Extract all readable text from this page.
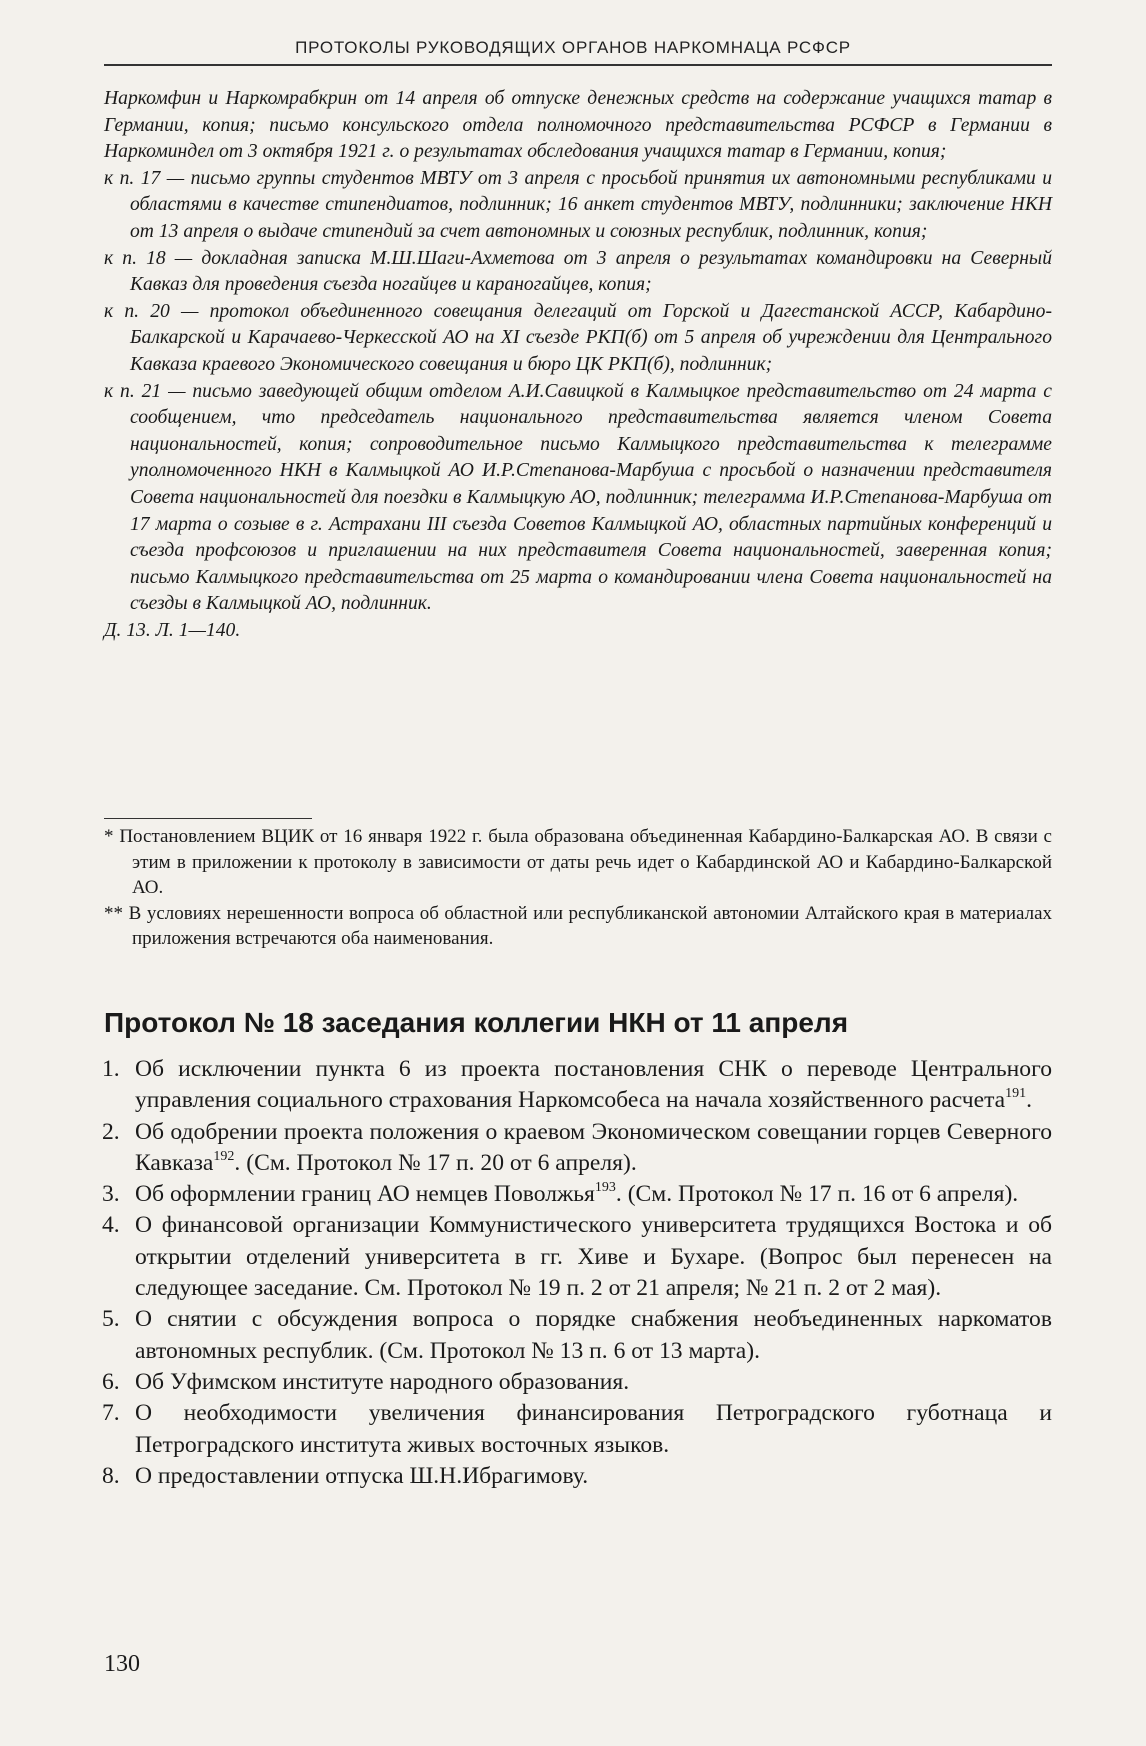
ПРОТОКОЛЫ РУКОВОДЯЩИХ ОРГАНОВ НАРКОМНАЦА РСФСР

Наркомфин и Наркомрабкрин от 14 апреля об отпуске денежных средств на содержание учащихся татар в Германии, копия; письмо консульского отдела полномочного представительства РСФСР в Германии в Наркоминдел от 3 октября 1921 г. о результатах обследования учащихся татар в Германии, копия;

к п. 17 — письмо группы студентов МВТУ от 3 апреля с просьбой принятия их автономными республиками и областями в качестве стипендиатов, подлинник; 16 анкет студентов МВТУ, подлинники; заключение НКН от 13 апреля о выдаче стипендий за счет автономных и союзных республик, подлинник, копия;

к п. 18 — докладная записка М.Ш.Шаги-Ахметова от 3 апреля о результатах командировки на Северный Кавказ для проведения съезда ногайцев и караногайцев, копия;

к п. 20 — протокол объединенного совещания делегаций от Горской и Дагестанской АССР, Кабардино-Балкарской и Карачаево-Черкесской АО на XI съезде РКП(б) от 5 апреля об учреждении для Центрального Кавказа краевого Экономического совещания и бюро ЦК РКП(б), подлинник;

к п. 21 — письмо заведующей общим отделом А.И.Савицкой в Калмыцкое представительство от 24 марта с сообщением, что председатель национального представительства является членом Совета национальностей, копия; сопроводительное письмо Калмыцкого представительства к телеграмме уполномоченного НКН в Калмыцкой АО И.Р.Степанова-Марбуша с просьбой о назначении представителя Совета национальностей для поездки в Калмыцкую АО, подлинник; телеграмма И.Р.Степанова-Марбуша от 17 марта о созыве в г. Астрахани III съезда Советов Калмыцкой АО, областных партийных конференций и съезда профсоюзов и приглашении на них представителя Совета национальностей, заверенная копия; письмо Калмыцкого представительства от 25 марта о командировании члена Совета национальностей на съезды в Калмыцкой АО, подлинник.

Д. 13. Л. 1—140.

* Постановлением ВЦИК от 16 января 1922 г. была образована объединенная Кабардино-Балкарская АО. В связи с этим в приложении к протоколу в зависимости от даты речь идет о Кабардинской АО и Кабардино-Балкарской АО.

** В условиях нерешенности вопроса об областной или республиканской автономии Алтайского края в материалах приложения встречаются оба наименования.

Протокол № 18 заседания коллегии НКН от 11 апреля
1. Об исключении пункта 6 из проекта постановления СНК о переводе Центрального управления социального страхования Наркомсобеса на начала хозяйственного расчета$^{191}$.
2. Об одобрении проекта положения о краевом Экономическом совещании горцев Северного Кавказа$^{192}$. (См. Протокол № 17 п. 20 от 6 апреля).
3. Об оформлении границ АО немцев Поволжья$^{193}$. (См. Протокол № 17 п. 16 от 6 апреля).
4. О финансовой организации Коммунистического университета трудящихся Востока и об открытии отделений университета в гг. Хиве и Бухаре. (Вопрос был перенесен на следующее заседание. См. Протокол № 19 п. 2 от 21 апреля; № 21 п. 2 от 2 мая).
5. О снятии с обсуждения вопроса о порядке снабжения необъединенных наркоматов автономных республик. (См. Протокол № 13 п. 6 от 13 марта).
6. Об Уфимском институте народного образования.
7. О необходимости увеличения финансирования Петроградского губотнаца и Петроградского института живых восточных языков.
8. О предоставлении отпуска Ш.Н.Ибрагимову.
130
